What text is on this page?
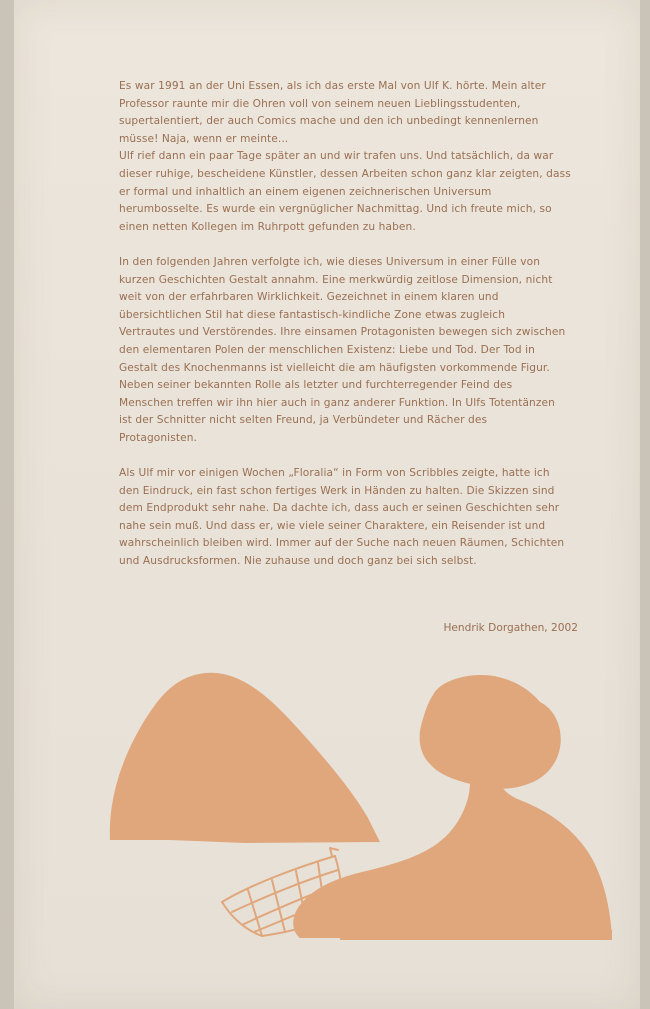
Es war 1991 an der Uni Essen, als ich das erste Mal von Ulf K. hörte. Mein alter
Professor raunte mir die Ohren voll von seinem neuen Lieblingsstudenten,
supertalentiert, der auch Comics mache und den ich unbedingt kennenlernen
müsse! Naja, wenn er meinte...
Ulf rief dann ein paar Tage später an und wir trafen uns. Und tatsächlich, da war
dieser ruhige, bescheidene Künstler, dessen Arbeiten schon ganz klar zeigten, dass
er formal und inhaltlich an einem eigenen zeichnerischen Universum
herumbosselte. Es wurde ein vergnüglicher Nachmittag. Und ich freute mich, so
einen netten Kollegen im Ruhrpott gefunden zu haben.

In den folgenden Jahren verfolgte ich, wie dieses Universum in einer Fülle von
kurzen Geschichten Gestalt annahm. Eine merkwürdig zeitlose Dimension, nicht
weit von der erfahrbaren Wirklichkeit. Gezeichnet in einem klaren und
übersichtlichen Stil hat diese fantastisch-kindliche Zone etwas zugleich
Vertrautes und Verstörendes. Ihre einsamen Protagonisten bewegen sich zwischen
den elementaren Polen der menschlichen Existenz: Liebe und Tod. Der Tod in
Gestalt des Knochenmanns ist vielleicht die am häufigsten vorkommende Figur.
Neben seiner bekannten Rolle als letzter und furchterregender Feind des
Menschen treffen wir ihn hier auch in ganz anderer Funktion. In Ulfs Totentänzen
ist der Schnitter nicht selten Freund, ja Verbündeter und Rächer des
Protagonisten.

Als Ulf mir vor einigen Wochen „Floralia“ in Form von Scribbles zeigte, hatte ich
den Eindruck, ein fast schon fertiges Werk in Händen zu halten. Die Skizzen sind
dem Endprodukt sehr nahe. Da dachte ich, dass auch er seinen Geschichten sehr
nahe sein muß. Und dass er, wie viele seiner Charaktere, ein Reisender ist und
wahrscheinlich bleiben wird. Immer auf der Suche nach neuen Räumen, Schichten
und Ausdrucksformen. Nie zuhause und doch ganz bei sich selbst.

Hendrik Dorgathen, 2002
